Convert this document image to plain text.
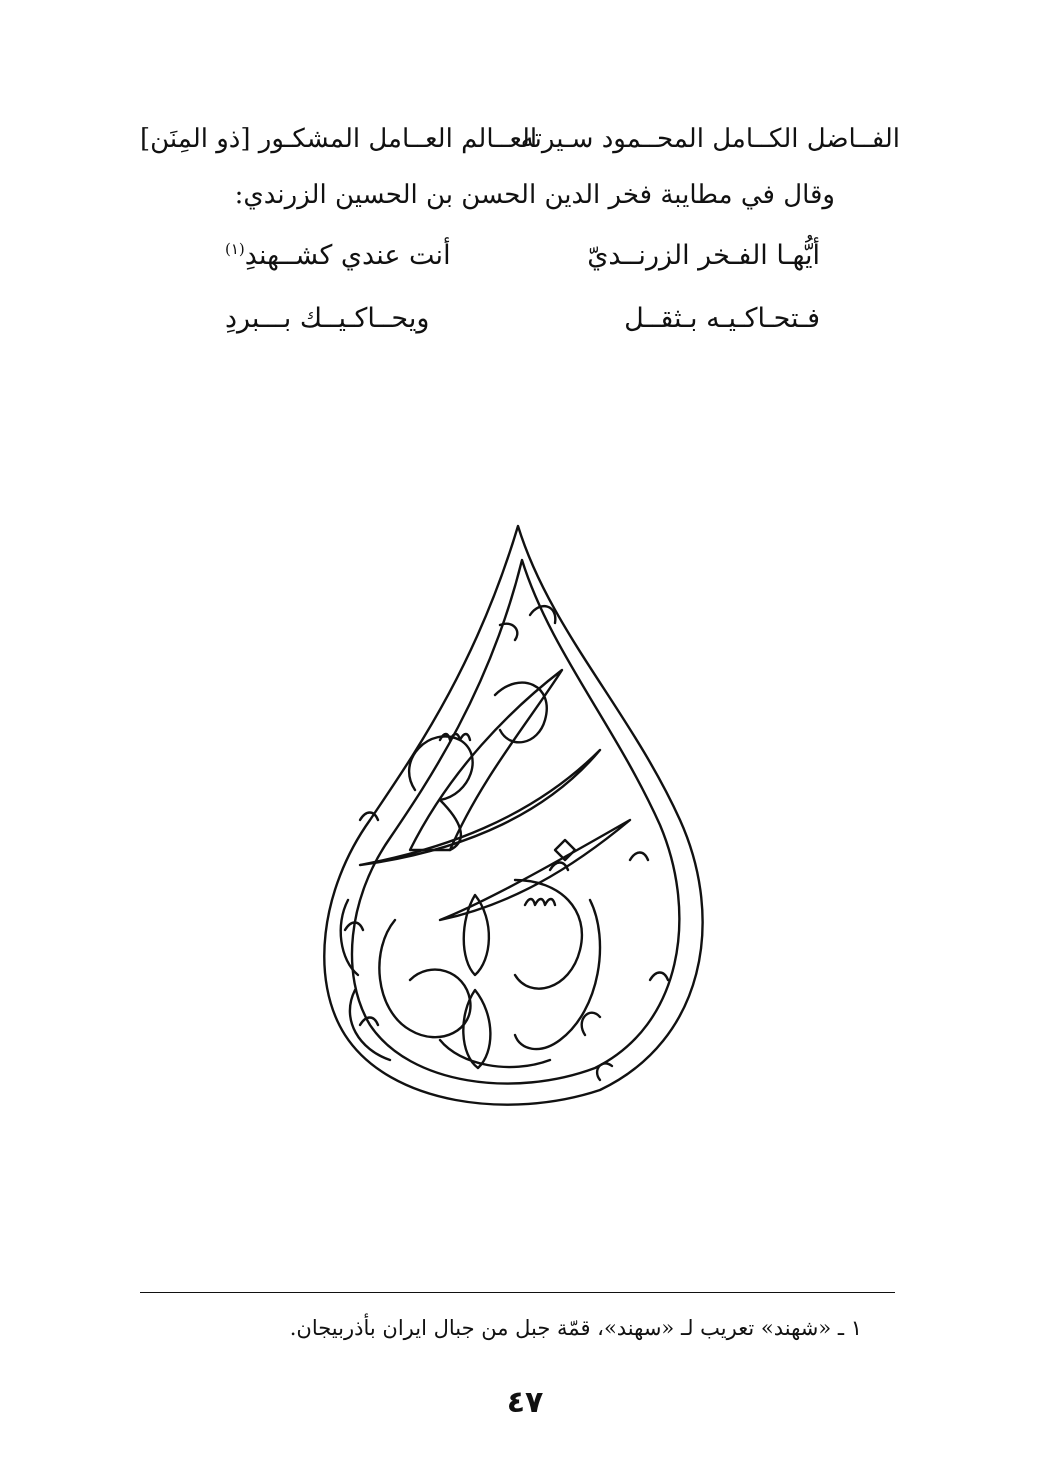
الفــاضل الكــامل المحــمود سـيرته
العــالم العــامل المشكـور [ذو المِنَن]
وقال في مطايبة فخر الدين الحسن بن الحسين الزرندي:
أيُّهـا الفـخر الزرنــديّ
أنت عندي كشــهندِ$^{(١)}$
فـتحـاكـيـه بـثقــل
ويحــاكـيــك بـــبردِ
١ ـ «شهند» تعريب لـ «سهند»، قمّة جبل من جبال ايران بأذربيجان.
٤٧
